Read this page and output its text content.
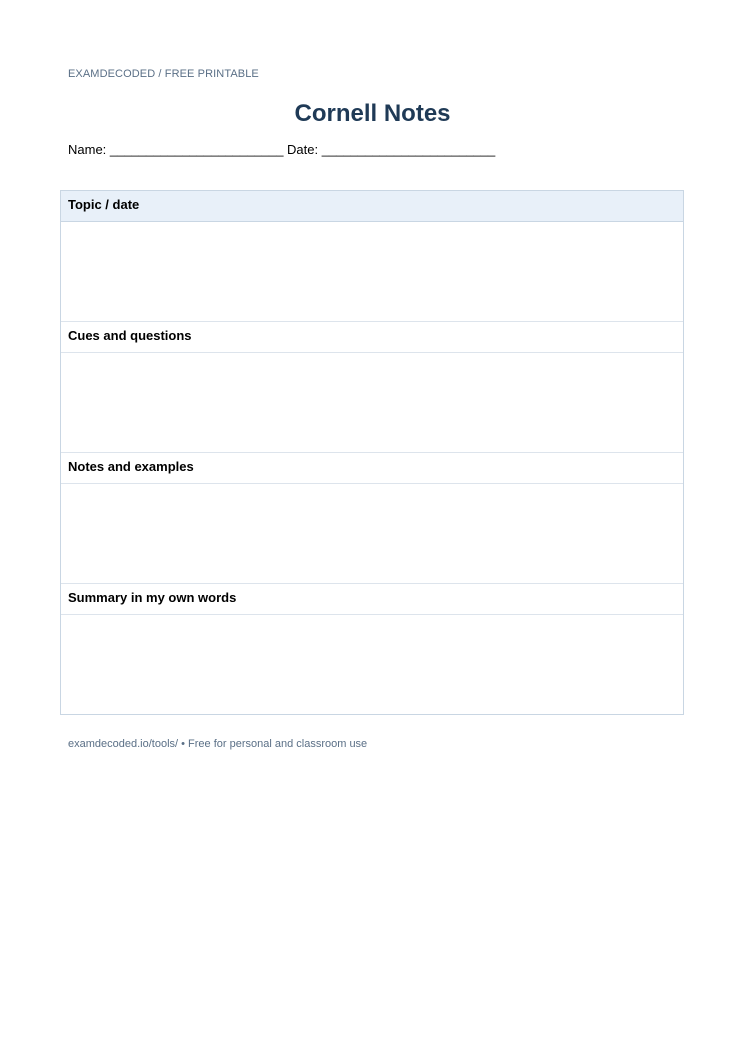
EXAMDECODED / FREE PRINTABLE
Cornell Notes
Name: ________________________ Date: ________________________
Topic / date
Cues and questions
Notes and examples
Summary in my own words
examdecoded.io/tools/ • Free for personal and classroom use
